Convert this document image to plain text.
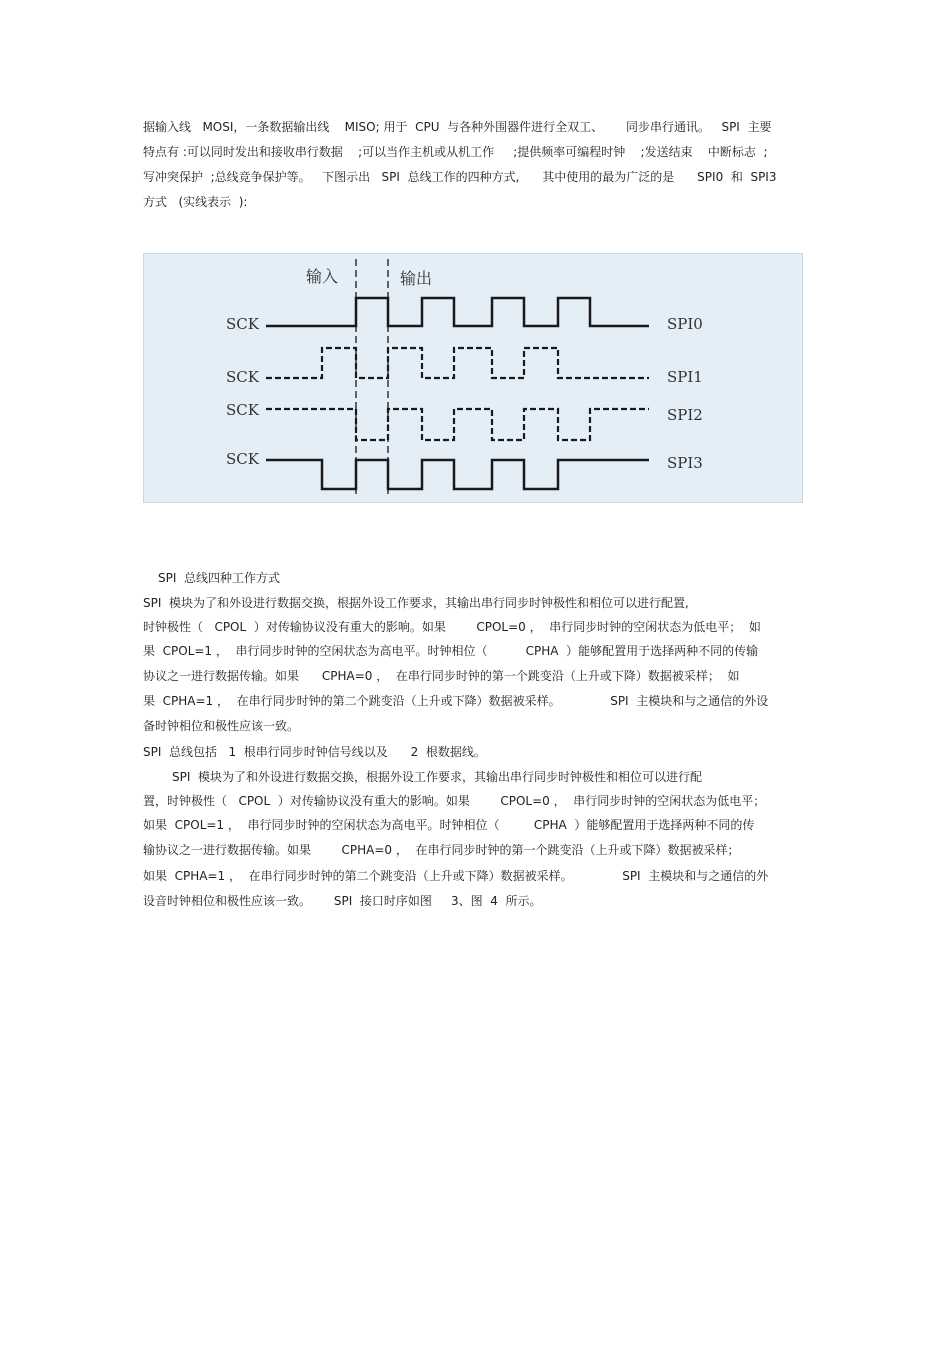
据输入线   MOSI，一条数据输出线    MISO; 用于  CPU  与各种外围器件进行全双工、      同步串行通讯。   SPI  主要
特点有 :可以同时发出和接收串行数据    ;可以当作主机或从机工作     ;提供频率可编程时钟    ;发送结束    中断标志  ;
写冲突保护  ;总线竞争保护等。   下图示出   SPI  总线工作的四种方式,      其中使用的最为广泛的是      SPI0  和  SPI3
方式   (实线表示  ):
输入	输出
SCK
SCK
SCK
SCK
SPI0
SPI1
SPI2
SPI3
SPI  总线四种工作方式
SPI  模块为了和外设进行数据交换，根据外设工作要求，其输出串行同步时钟极性和相位可以进行配置,
时钟极性（   CPOL  ）对传输协议没有重大的影响。如果        CPOL=0 ，  串行同步时钟的空闲状态为低电平；  如
果  CPOL=1 ，  串行同步时钟的空闲状态为高电平。时钟相位（          CPHA  ）能够配置用于选择两种不同的传输
协议之一进行数据传输。如果      CPHA=0 ，  在串行同步时钟的第一个跳变沿（上升或下降）数据被采样；  如
果  CPHA=1 ，  在串行同步时钟的第二个跳变沿（上升或下降）数据被采样。             SPI  主模块和与之通信的外设
备时钟相位和极性应该一致。
SPI  总线包括   1  根串行同步时钟信号线以及      2  根数据线。
SPI  模块为了和外设进行数据交换，根据外设工作要求，其输出串行同步时钟极性和相位可以进行配
置，时钟极性（   CPOL  ）对传输协议没有重大的影响。如果        CPOL=0 ，  串行同步时钟的空闲状态为低电平；
如果  CPOL=1 ，  串行同步时钟的空闲状态为高电平。时钟相位（         CPHA  ）能够配置用于选择两种不同的传
输协议之一进行数据传输。如果        CPHA=0 ，  在串行同步时钟的第一个跳变沿（上升或下降）数据被采样；
如果  CPHA=1 ，  在串行同步时钟的第二个跳变沿（上升或下降）数据被采样。             SPI  主模块和与之通信的外
设音时钟相位和极性应该一致。      SPI  接口时序如图     3、图  4  所示。
